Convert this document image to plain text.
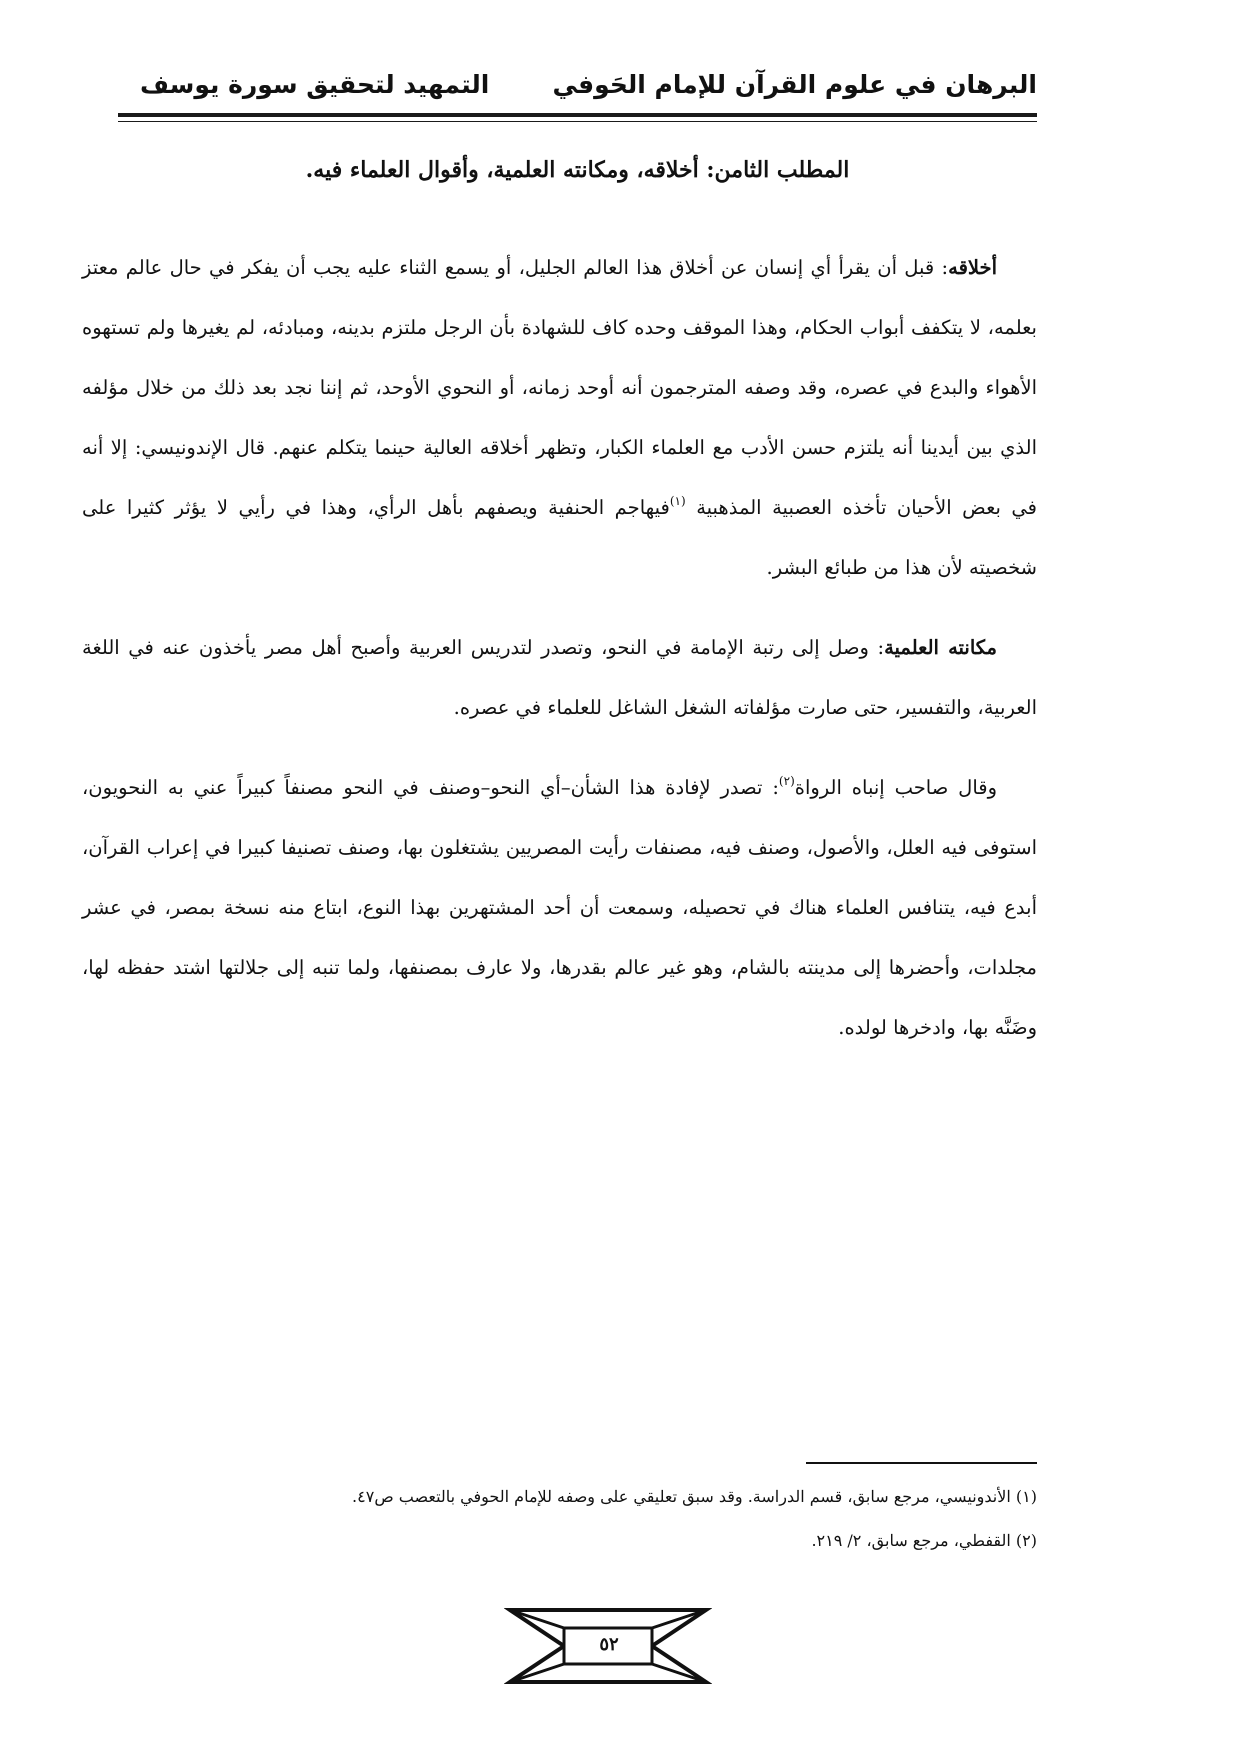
البرهان في علوم القرآن للإمام الحَوفي
التمهيد لتحقيق سورة يوسف
المطلب الثامن: أخلاقه، ومكانته العلمية، وأقوال العلماء فيه.

أخلاقه: قبل أن يقرأ أي إنسان عن أخلاق هذا العالم الجليل، أو يسمع الثناء عليه يجب أن يفكر في حال عالم معتز بعلمه، لا يتكفف أبواب الحكام، وهذا الموقف وحده كاف للشهادة بأن الرجل ملتزم بدينه، ومبادئه، لم يغيرها ولم تستهوه الأهواء والبدع في عصره، وقد وصفه المترجمون أنه أوحد زمانه، أو النحوي الأوحد، ثم إننا نجد بعد ذلك من خلال مؤلفه الذي بين أيدينا أنه يلتزم حسن الأدب مع العلماء الكبار، وتظهر أخلاقه العالية حينما يتكلم عنهم. قال الإندونيسي: إلا أنه في بعض الأحيان تأخذه العصبية المذهبية $^{(١)}$فيهاجم الحنفية ويصفهم بأهل الرأي، وهذا في رأيي لا يؤثر كثيرا على شخصيته لأن هذا من طبائع البشر.

مكانته العلمية: وصل إلى رتبة الإمامة في النحو، وتصدر لتدريس العربية وأصبح أهل مصر يأخذون عنه في اللغة العربية، والتفسير، حتى صارت مؤلفاته الشغل الشاغل للعلماء في عصره.

وقال صاحب إنباه الرواة$^{(٢)}$: تصدر لإفادة هذا الشأن–أي النحو–وصنف في النحو مصنفاً كبيراً عني به النحويون، استوفى فيه العلل، والأصول، وصنف فيه، مصنفات رأيت المصريين يشتغلون بها، وصنف تصنيفا كبيرا في إعراب القرآن، أبدع فيه، يتنافس العلماء هناك في تحصيله، وسمعت أن أحد المشتهرين بهذا النوع، ابتاع منه نسخة بمصر، في عشر مجلدات، وأحضرها إلى مدينته بالشام، وهو غير عالم بقدرها، ولا عارف بمصنفها، ولما تنبه إلى جلالتها اشتد حفظه لها، وضَنَّه بها، وادخرها لولده.

(١) الأندونيسي، مرجع سابق، قسم الدراسة. وقد سبق تعليقي على وصفه للإمام الحوفي بالتعصب ص٤٧.
(٢) القفطي، مرجع سابق، ٢/ ٢١٩.
٥٢
